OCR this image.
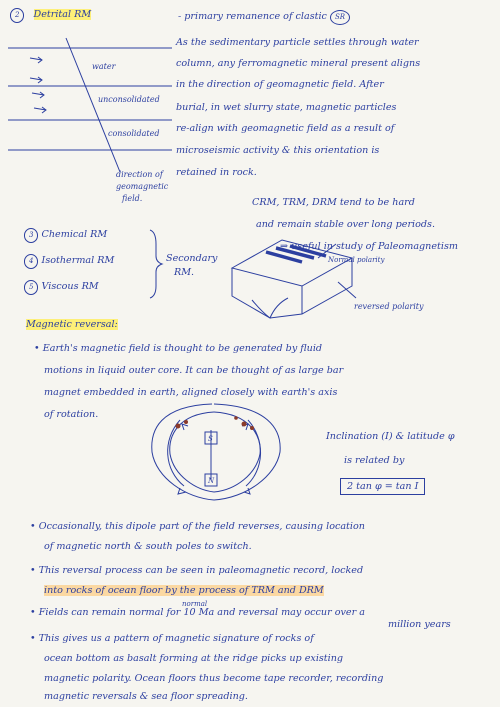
2 Detrital RM	- primary remanence of clastic SR
As the sedimentary particle settles through water
column, any ferromagnetic mineral present aligns
in the direction of geomagnetic field. After
burial, in wet slurry state, magnetic particles
re-align with geomagnetic field as a result of
microseismic activity & this orientation is
retained in rock.
water
unconsolidated
consolidated
direction of
geomagnetic
field.
3 Chemical RM
4 Isothermal RM
5 Viscous RM
Secondary
RM.
CRM, TRM, DRM tend to be hard
and remain stable over long periods.
⇒ useful in study of Paleomagnetism
Normal polarity
reversed polarity
Magnetic reversal:
• Earth's magnetic field is thought to be generated by fluid
motions in liquid outer core. It can be thought of as large bar
magnet embedded in earth, aligned closely with earth's axis
of rotation.
S
N
Inclination (I) & latitude φ
is related by
2 tan φ = tan I
• Occasionally, this dipole part of the field reverses, causing location
of magnetic north & south poles to switch.
• This reversal process can be seen in paleomagnetic record, locked
into rocks of ocean floor by the process of TRM and DRM
normal
• Fields can remain normal for 10 Ma and reversal may occur over a
million years
• This gives us a pattern of magnetic signature of rocks of
ocean bottom as basalt forming at the ridge picks up existing
magnetic polarity. Ocean floors thus become tape recorder, recording
magnetic reversals & sea floor spreading.
